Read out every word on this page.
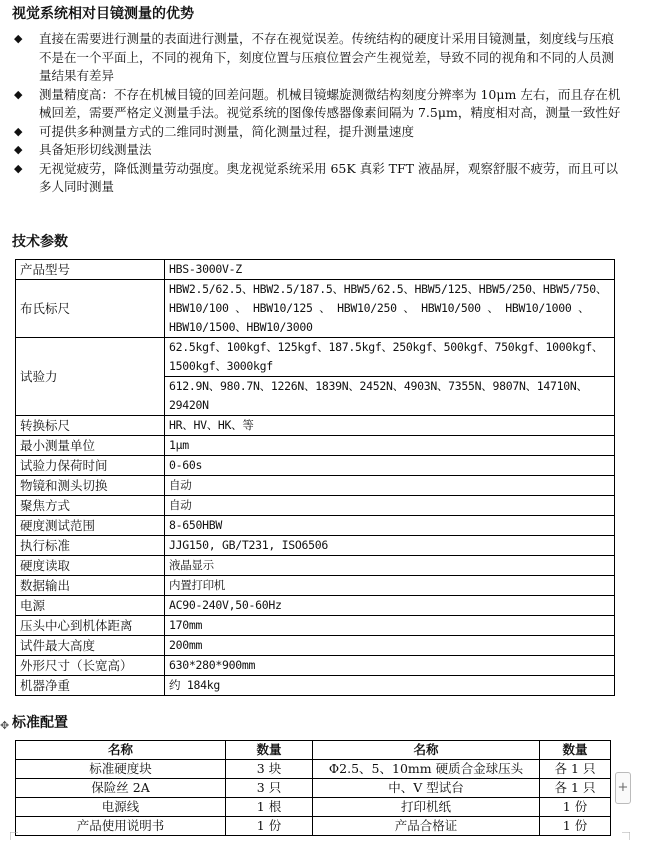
视觉系统相对目镜测量的优势
◆ 直接在需要进行测量的表面进行测量，不存在视觉误差。传统结构的硬度计采用目镜测量，刻度线与压痕不是在一个平面上，不同的视角下，刻度位置与压痕位置会产生视觉差，导致不同的视角和不同的人员测量结果有差异
◆ 测量精度高：不存在机械目镜的回差问题。机械目镜螺旋测微结构刻度分辨率为 10μm 左右，而且存在机械回差，需要严格定义测量手法。视觉系统的图像传感器像素间隔为 7.5μm，精度相对高，测量一致性好
◆ 可提供多种测量方式的二维同时测量，简化测量过程，提升测量速度
◆ 具备矩形切线测量法
◆ 无视觉疲劳，降低测量劳动强度。奥龙视觉系统采用 65K 真彩 TFT 液晶屏，观察舒服不疲劳，而且可以多人同时测量
技术参数
产品型号	HBS-3000V-Z
布氏标尺	HBW2.5/62.5、HBW2.5/187.5、HBW5/62.5、HBW5/125、HBW5/250、HBW5/750、
HBW10/100 、 HBW10/125 、 HBW10/250 、 HBW10/500 、 HBW10/1000 、
HBW10/1500、HBW10/3000

试验力	62.5kgf、100kgf、125kgf、187.5kgf、250kgf、500kgf、750kgf、1000kgf、
1500kgf、3000kgf

	612.9N、980.7N、1226N、1839N、2452N、4903N、7355N、9807N、14710N、
29420N

转换标尺	HR、HV、HK、等
最小测量单位	1μm
试验力保荷时间	0-60s
物镜和测头切换	自动
聚焦方式	自动
硬度测试范围	8-650HBW
执行标准	JJG150, GB/T231, ISO6506
硬度读取	液晶显示
数据输出	内置打印机
电源	AC90-240V,50-60Hz
压头中心到机体距离	170mm
试件最大高度	200mm
外形尺寸（长宽高）	630*280*900mm
机器净重	约 184kg
标准配置
✥
名称	数量	名称	数量
标准硬度块	3 块	Φ2.5、5、10mm 硬质合金球压头	各 1 只
保险丝 2A	3 只	中、V 型试台	各 1 只
电源线	1 根	打印机纸	1 份
产品使用说明书	1 份	产品合格证	1 份
+
